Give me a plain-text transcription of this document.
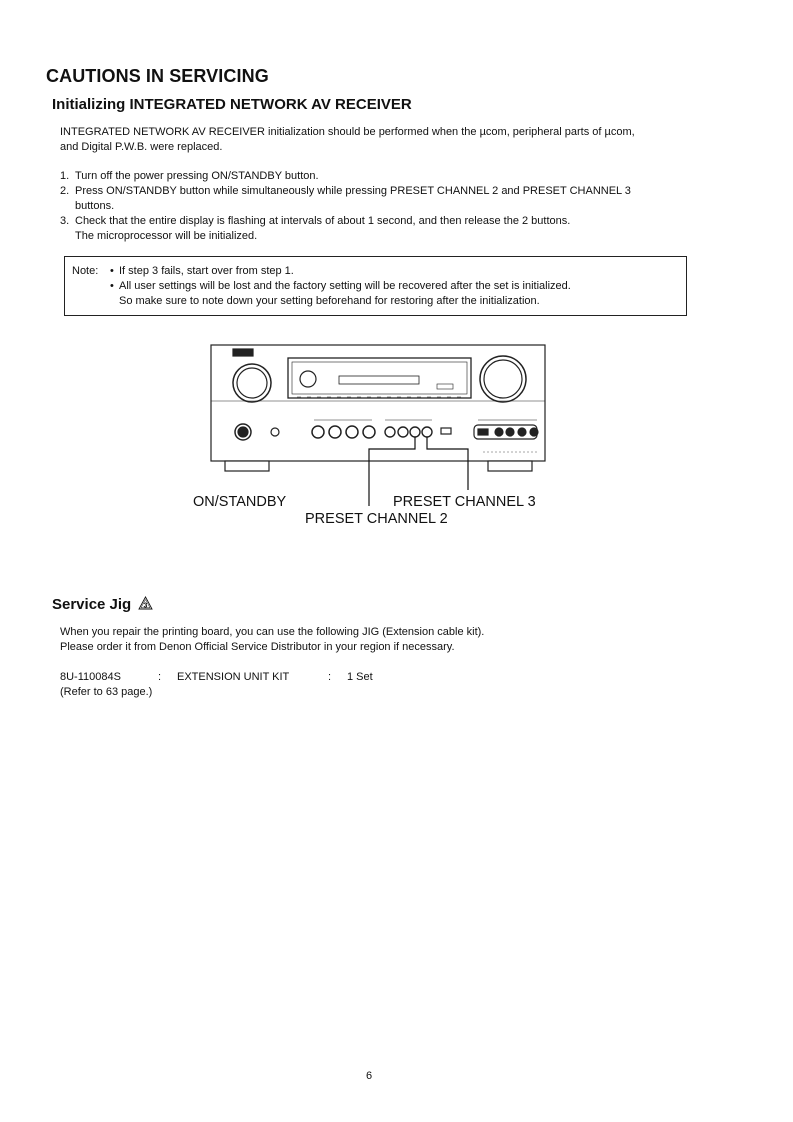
CAUTIONS IN SERVICING
Initializing INTEGRATED NETWORK AV RECEIVER
INTEGRATED NETWORK AV RECEIVER initialization should be performed when the µcom, peripheral parts of µcom,
and Digital P.W.B. were replaced.
1. Turn off the power pressing ON/STANDBY button.
2. Press ON/STANDBY button while simultaneously while pressing PRESET CHANNEL 2 and PRESET CHANNEL 3
buttons.
3. Check that the entire display is flashing at intervals of about 1 second, and then release the 2 buttons.
The microprocessor will be initialized.
Note:	• If step 3 fails, start over from step 1.
• All user settings will be lost and the factory setting will be recovered after the set is initialized.
So make sure to note down your setting beforehand for restoring after the initialization.
ON/STANDBY	PRESET CHANNEL 3
PRESET CHANNEL 2
Service Jig 3
When you repair the printing board, you can use the following JIG (Extension cable kit).
Please order it from Denon Official Service Distributor in your region if necessary.
8U-110084S	: EXTENSION UNIT KIT	: 1 Set
(Refer to 63 page.)
6
